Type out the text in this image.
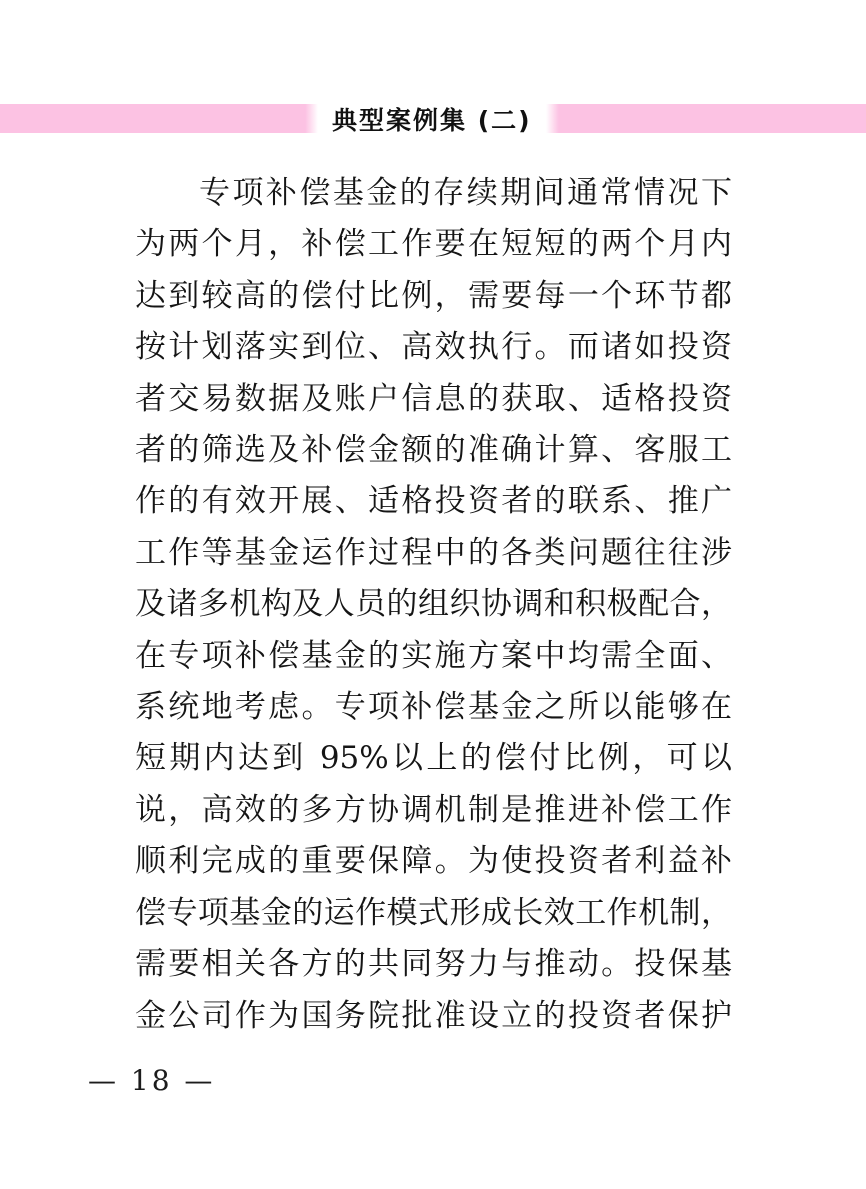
典型案例集 (二)
专项补偿基金的存续期间通常情况下
为两个月，补偿工作要在短短的两个月内
达到较高的偿付比例，需要每一个环节都
按计划落实到位、高效执行。而诸如投资
者交易数据及账户信息的获取、适格投资
者的筛选及补偿金额的准确计算、客服工
作的有效开展、适格投资者的联系、推广
工作等基金运作过程中的各类问题往往涉
及诸多机构及人员的组织协调和积极配合，
在专项补偿基金的实施方案中均需全面、
系统地考虑。专项补偿基金之所以能够在
短期内达到 95%以上的偿付比例，可以
说，高效的多方协调机制是推进补偿工作
顺利完成的重要保障。为使投资者利益补
偿专项基金的运作模式形成长效工作机制，
需要相关各方的共同努力与推动。投保基
金公司作为国务院批准设立的投资者保护
— 18 —
